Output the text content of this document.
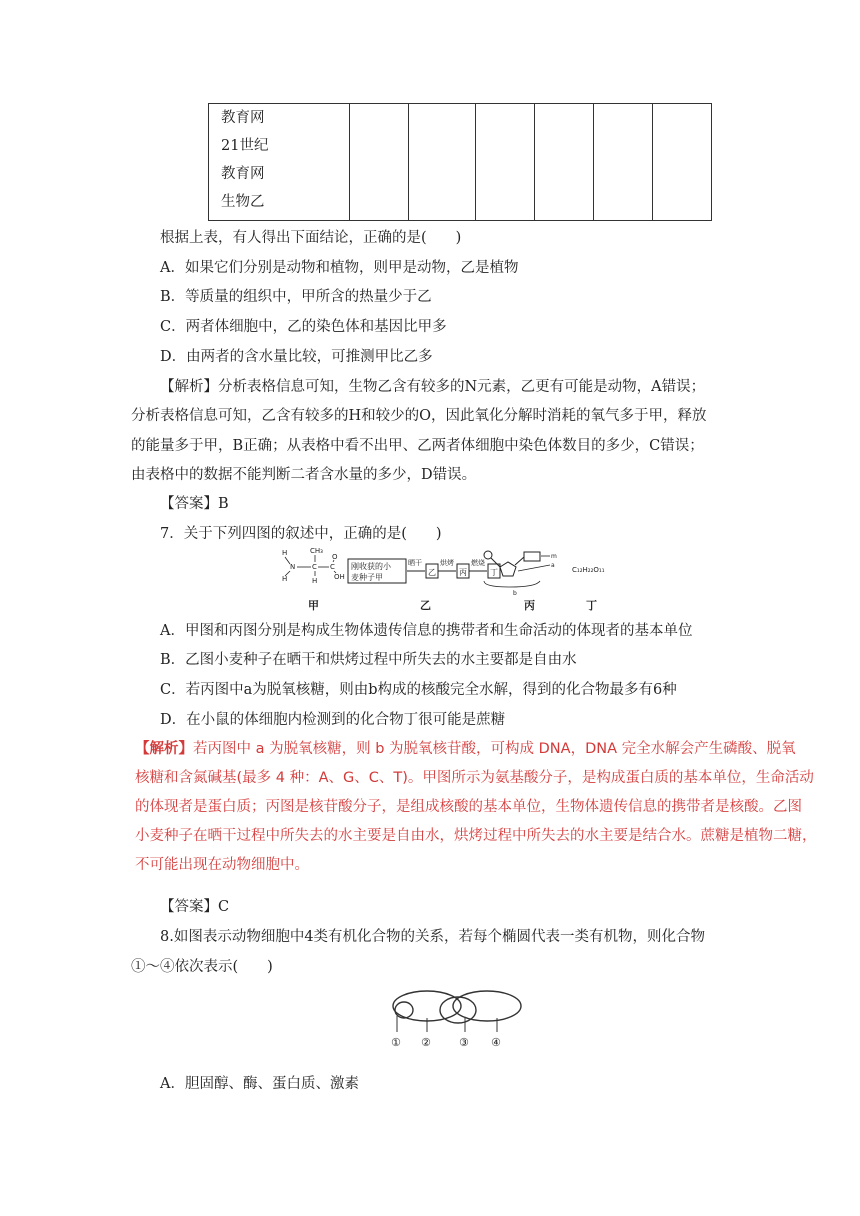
教育网
21世纪
教育网
生物乙

根据上表，有人得出下面结论，正确的是(　　)
A．如果它们分别是动物和植物，则甲是动物，乙是植物
B．等质量的组织中，甲所含的热量少于乙
C．两者体细胞中，乙的染色体和基因比甲多
D．由两者的含水量比较，可推测甲比乙多
【解析】分析表格信息可知，生物乙含有较多的N元素，乙更有可能是动物，A错误；
分析表格信息可知，乙含有较多的H和较少的O，因此氧化分解时消耗的氧气多于甲，释放
的能量多于甲，B正确；从表格中看不出甲、乙两者体细胞中染色体数目的多少，C错误；
由表格中的数据不能判断二者含水量的多少，D错误。
【答案】B
7．关于下列四图的叙述中，正确的是(　　)
H	CH₃
O
N C C
OH
H	H
甲
刚收获的小
麦种子甲
晒干
乙
烘烤
丙
燃烧
丁
乙
m
a
b
丙
C₁₂H₂₂O₁₁
丁
A．甲图和丙图分别是构成生物体遗传信息的携带者和生命活动的体现者的基本单位
B．乙图小麦种子在晒干和烘烤过程中所失去的水主要都是自由水
C．若丙图中a为脱氧核糖，则由b构成的核酸完全水解，得到的化合物最多有6种
D．在小鼠的体细胞内检测到的化合物丁很可能是蔗糖
【解析】若丙图中 a 为脱氧核糖，则 b 为脱氧核苷酸，可构成 DNA，DNA 完全水解会产生磷酸、脱氧
核糖和含氮碱基(最多 4 种：A、G、C、T)。甲图所示为氨基酸分子，是构成蛋白质的基本单位，生命活动
的体现者是蛋白质；丙图是核苷酸分子，是组成核酸的基本单位，生物体遗传信息的携带者是核酸。乙图
小麦种子在晒干过程中所失去的水主要是自由水，烘烤过程中所失去的水主要是结合水。蔗糖是植物二糖，
不可能出现在动物细胞中。
【答案】C
8.如图表示动物细胞中4类有机化合物的关系，若每个椭圆代表一类有机物，则化合物
①～④依次表示(　　)
① ②	③ ④
A．胆固醇、酶、蛋白质、激素
